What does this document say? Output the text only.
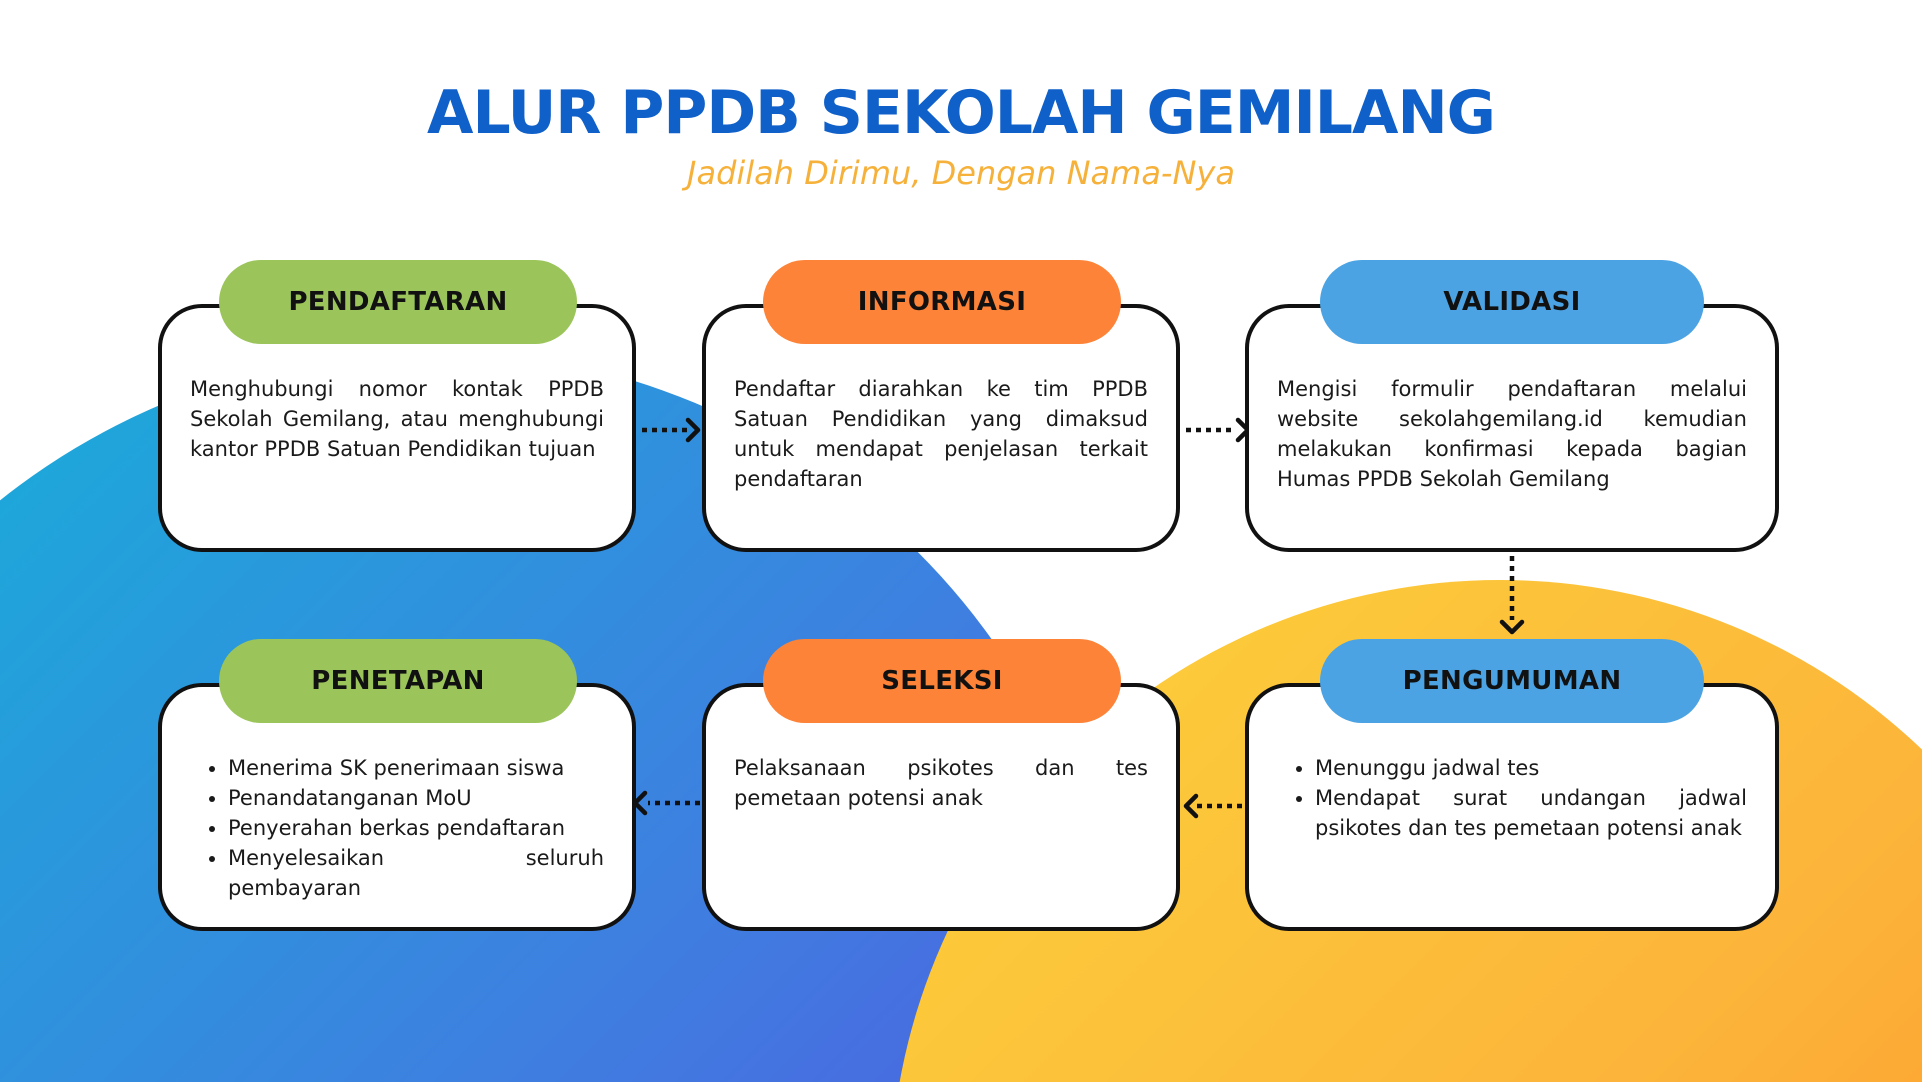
ALUR PPDB SEKOLAH GEMILANG

Jadilah Dirimu, Dengan Nama-Nya

Menghubungi nomor kontak PPDB Sekolah Gemilang, atau menghubungi kantor PPDB Satuan Pendidikan tujuan

PENDAFTARAN

Pendaftar diarahkan ke tim PPDB Satuan Pendidikan yang dimaksud untuk mendapat penjelasan terkait pendaftaran

INFORMASI

Mengisi formulir pendaftaran melalui website sekolahgemilang.id kemudian melakukan konfirmasi kepada bagian Humas PPDB Sekolah Gemilang

VALIDASI
• Menunggu jadwal tes
• Mendapat surat undangan jadwal psikotes dan tes pemetaan potensi anak
PENGUMUMAN

Pelaksanaan psikotes dan tes pemetaan potensi anak

SELEKSI
• Menerima SK penerimaan siswa
• Penandatanganan MoU
• Penyerahan berkas pendaftaran
• Menyelesaikan seluruh pembayaran
PENETAPAN
